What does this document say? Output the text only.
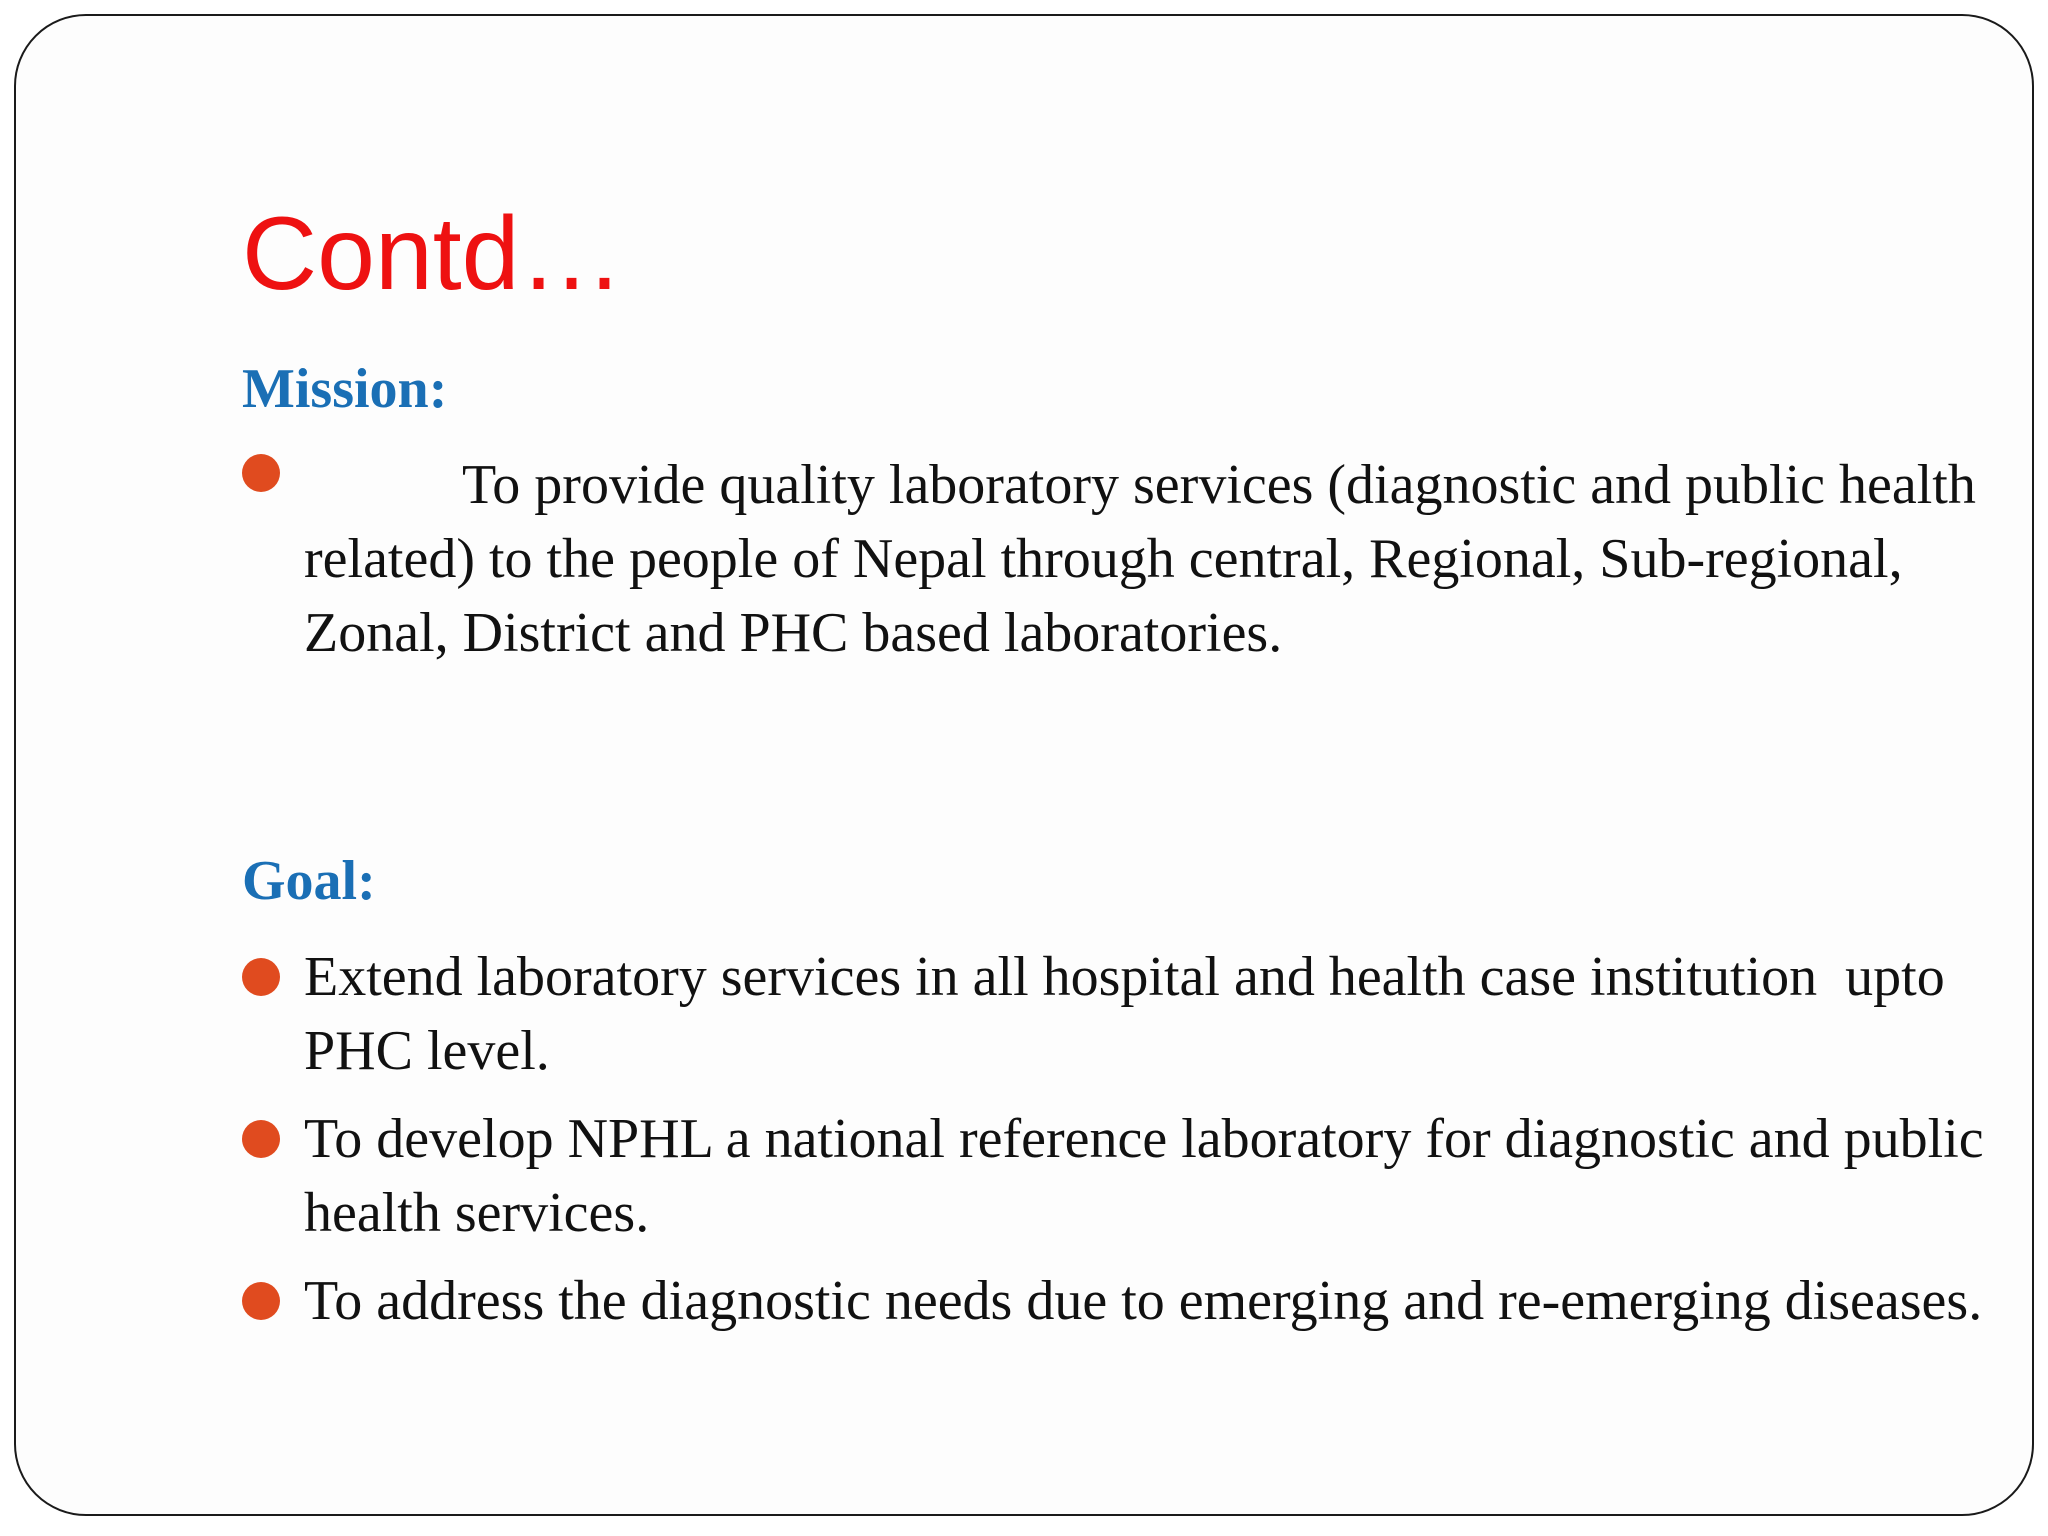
Contd…
Mission:
To provide quality laboratory services (diagnostic and public health related) to the people of Nepal through central, Regional, Sub-regional, Zonal, District and PHC based laboratories.
Goal:
Extend laboratory services in all hospital and health case institution  upto PHC level.
To develop NPHL a national reference laboratory for diagnostic and public health services.
To address the diagnostic needs due to emerging and re-emerging diseases.
